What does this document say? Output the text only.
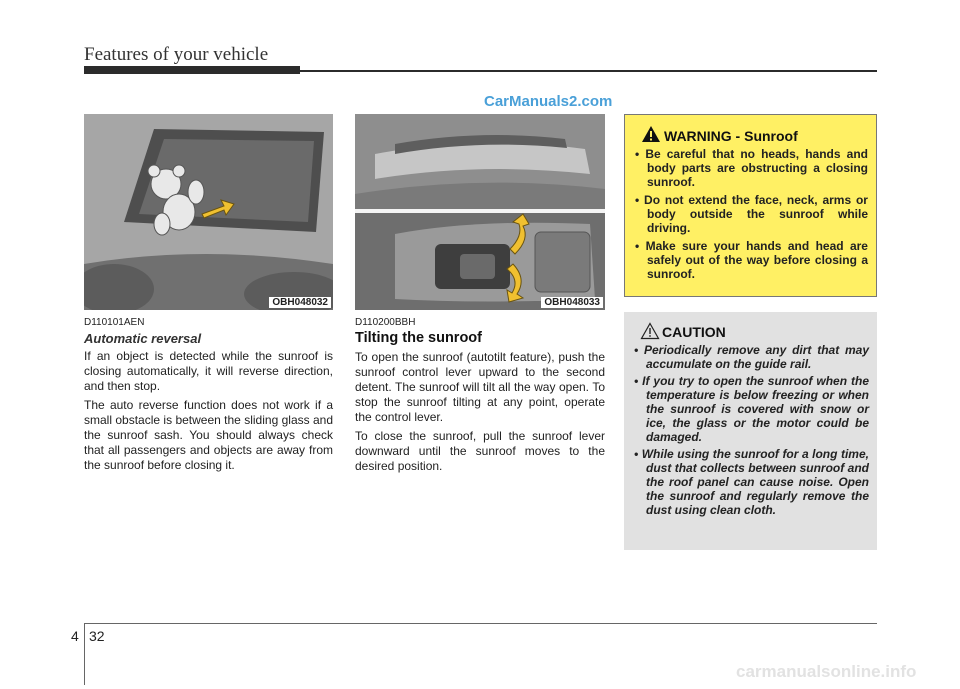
Features of your vehicle
CarManuals2.com
OBH048032	OBH048033
D110101AEN
Automatic reversal

If an object is detected while the sunroof is closing automatically, it will reverse direction, and then stop.

The auto reverse function does not work if a small obstacle is between the sliding glass and the sunroof sash. You should always check that all passengers and objects are away from the sunroof before closing it.

D110200BBH
Tilting the sunroof

To open the sunroof (autotilt feature), push the sunroof control lever upward to the second detent. The sunroof will tilt all the way open. To stop the sunroof tilting at any point, operate the control lever.

To close the sunroof, pull the sunroof lever downward until the sunroof moves to the desired position.

WARNING - Sunroof
• Be careful that no heads, hands and body parts are obstructing a closing sunroof.
• Do not extend the face, neck, arms or body outside the sunroof while driving.
• Make sure your hands and head are safely out of the way before closing a sunroof.
CAUTION
• Periodically remove any dirt that may accumulate on the guide rail.
• If you try to open the sunroof when the temperature is below freezing or when the sunroof is covered with snow or ice, the glass or the motor could be damaged.
• While using the sunroof for a long time, dust that collects between sunroof and the roof panel can cause noise. Open the sunroof and regularly remove the dust using clean cloth.
4 32
carmanualsonline.info
